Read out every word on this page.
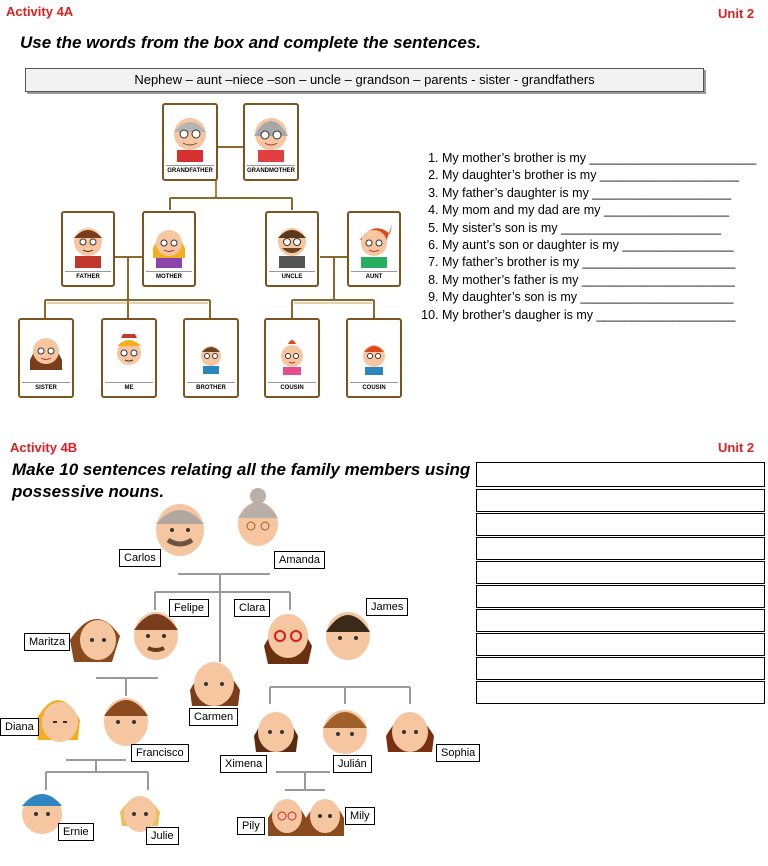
Activity 4A	Unit 2
Use the words from the box and complete the sentences.
Nephew – aunt –niece –son – uncle – grandson – parents - sister - grandfathers
GRANDFATHER	GRANDMOTHER
FATHER	MOTHER	UNCLE	AUNT
SISTER	ME	BROTHER	COUSIN	COUSIN
1. My mother’s brother is my ________________________
2. My daughter’s brother is my ____________________
3. My father’s daughter is my ____________________
4. My mom and my dad are my __________________
5. My sister’s son is my _______________________
6. My aunt’s son or daughter is my ________________
7. My father’s brother is my ______________________
8. My mother’s father is my ______________________
9. My daughter’s son is my ______________________
10. My brother’s daugher is my ____________________
Activity 4B	Unit 2
Make 10 sentences relating all the family members using
possessive nouns.
Carlos	Amanda
Felipe	Clara	James
Maritza
Carmen
Diana
Francisco
Ximena	Julián
Sophia
Ernie	Julie
Pily
Mily
